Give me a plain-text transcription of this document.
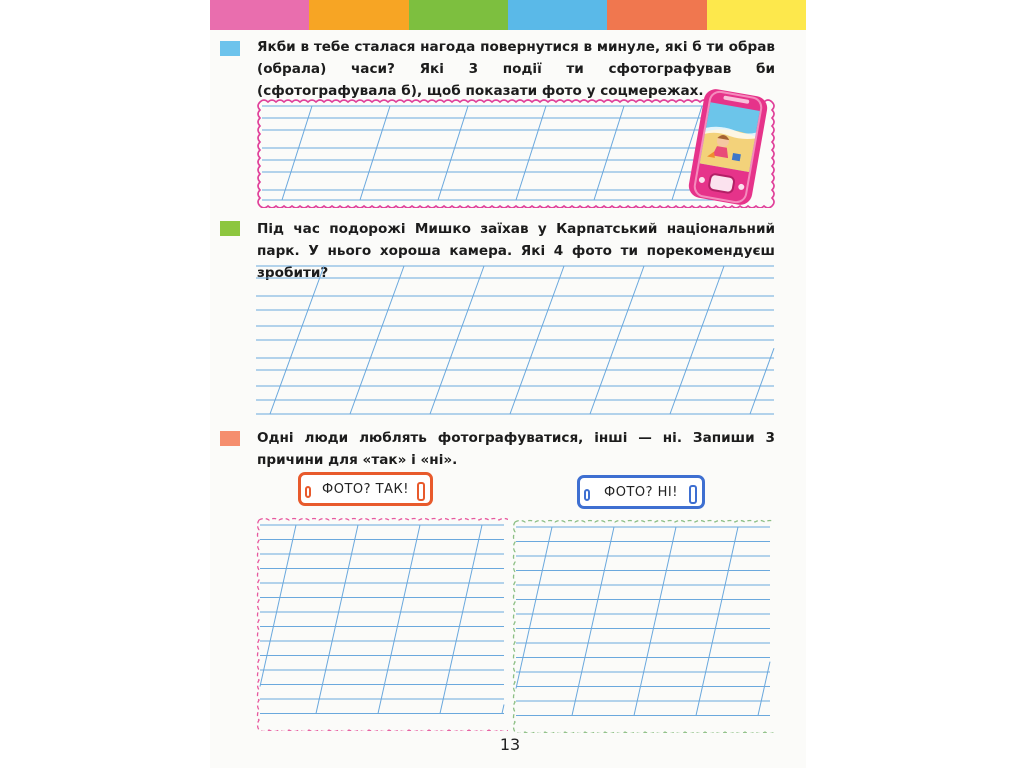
Якби в тебе сталася нагода повернутися в минуле, які б ти обрав (обрала) часи? Які 3 події ти сфотографував би (сфотографувала б), щоб показати фото у соцмережах.
Під час подорожі Мишко заїхав у Карпатський національний парк. У нього хороша камера. Які 4 фото ти порекомендуєш зробити?
Одні люди люблять фотографуватися, інші — ні. Запиши 3 причини для «так» і «ні».
ФОТО? ТАК!	ФОТО? НІ!
13
